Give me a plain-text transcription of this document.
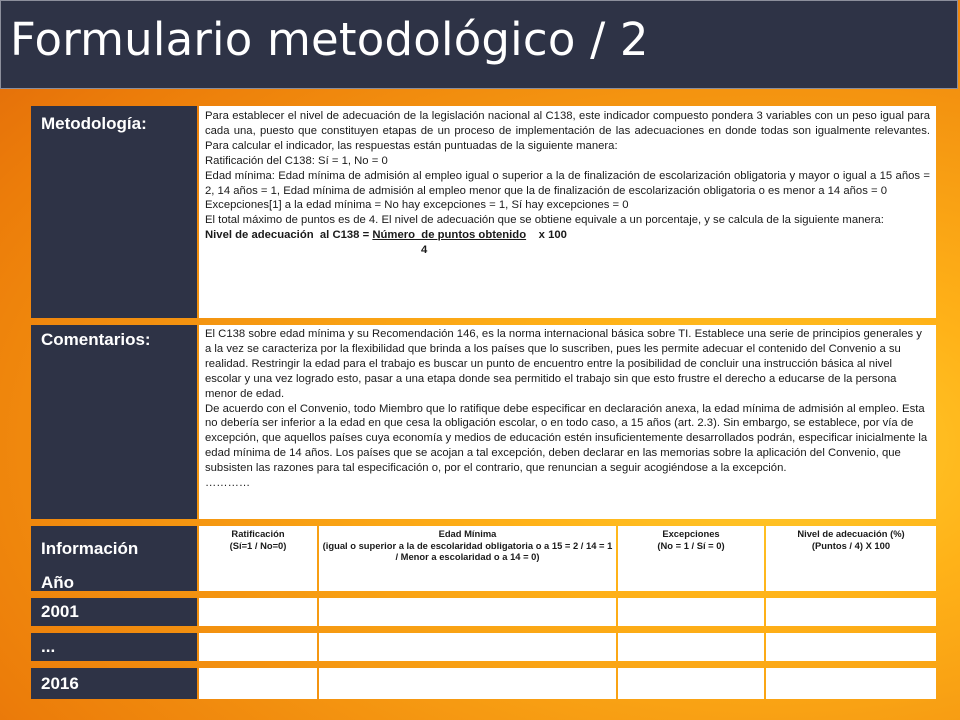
Formulario metodológico / 2
Metodología:	Para establecer el nivel de adecuación de la legislación nacional al C138, este indicador compuesto pondera 3 variables con un peso igual para cada una, puesto que constituyen etapas de un proceso de implementación de las adecuaciones en donde todas son igualmente relevantes. Para calcular el indicador, las respuestas están puntuadas de la siguiente manera:

Ratificación del C138: Sí = 1, No = 0

Edad mínima: Edad mínima de admisión al empleo igual o superior a la de finalización de escolarización obligatoria y mayor o igual a 15 años = 2, 14 años = 1, Edad mínima de admisión al empleo menor que la de finalización de escolarización obligatoria o es menor a 14 años = 0

Excepciones[1] a la edad mínima = No hay excepciones = 1, Sí hay excepciones = 0

El total máximo de puntos es de 4. El nivel de adecuación que se obtiene equivale a un porcentaje, y se calcula de la siguiente manera:

Nivel de adecuación  al C138 = Número  de puntos obtenido    x 100

4

Comentarios:	El C138 sobre edad mínima y su Recomendación 146, es la norma internacional básica sobre TI. Establece una serie de principios generales y a la vez se caracteriza por la flexibilidad que brinda a los países que lo suscriben, pues les permite adecuar el contenido del Convenio a su realidad. Restringir la edad para el trabajo es buscar un punto de encuentro entre la posibilidad de concluir una instrucción básica al nivel escolar y una vez logrado esto, pasar a una etapa donde sea permitido el trabajo sin que esto frustre el derecho a educarse de la persona menor de edad.

De acuerdo con el Convenio, todo Miembro que lo ratifique debe especificar en declaración anexa, la edad mínima de admisión al empleo. Esta no debería ser inferior a la edad en que cesa la obligación escolar, o en todo caso, a 15 años (art. 2.3). Sin embargo, se establece, por vía de excepción, que aquellos países cuya economía y medios de educación estén insuficientemente desarrollados podrán, especificar inicialmente la edad mínima de 14 años. Los países que se acojan a tal excepción, deben declarar en las memorias sobre la aplicación del Convenio, que subsisten las razones para tal especificación o, por el contrario, que renuncian a seguir acogiéndose a la excepción.

…………

Información
Año
Ratificación
(Sí=1 / No=0)
Edad Mínima
(igual o superior a la de escolaridad obligatoria o a 15 = 2 / 14 = 1 / Menor a escolaridad o a 14 = 0)
Excepciones
(No = 1 / Sí = 0)
Nivel de adecuación (%)
(Puntos / 4) X 100
2001
...
2016
